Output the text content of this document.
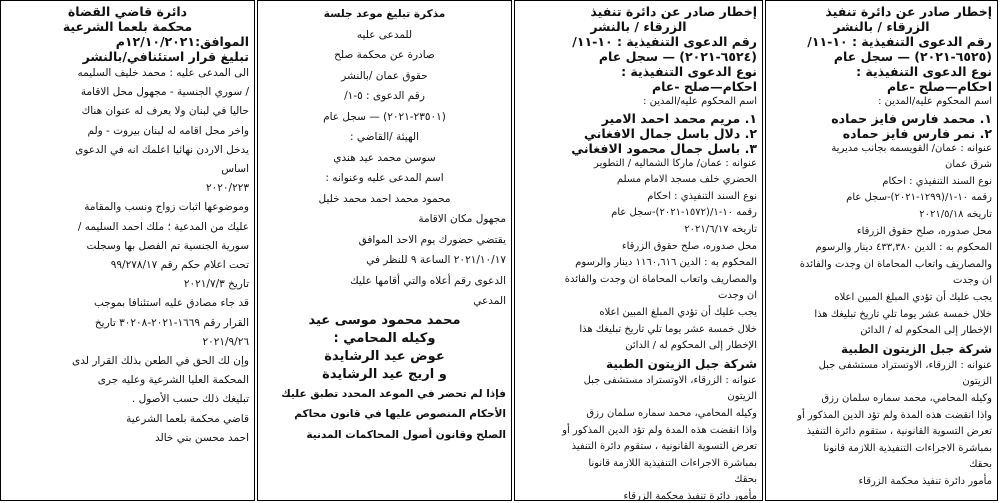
إخطار صادر عن دائرة تنفيذ

الزرقاء / بالنشر

رقم الدعوى التنفيذية : ١٠-١١/

(٦٥٢٥-٢٠٢١) — سجل عام

نوع الدعوى التنفيذية :

احكام—صلح -عام

اسم المحكوم عليه/المدين :

١. محمد فارس فايز حماده

٢. نمر فارس فايز حماده

عنوانه : عمان/ القويسمه بجانب مديرية

شرق عمان

نوع السند التنفيذي : احكام

رقمه ١٠-١/(١٢٩٩-٢٠٢١)-سجل عام

تاريخه ٢٠٢١/٥/١٨

محل صدوره، صلح حقوق الزرقاء

المحكوم به : الدين ٤٣٣,٣٨٠ دينار والرسوم

والمصاريف واتعاب المحاماة ان وجدت والفائدة

ان وجدت

يجب عليك أن تؤدي المبلغ المبين اعلاه

خلال خمسة عشر يوما تلي تاريخ تبليغك هذا

الإخطار إلى المحكوم له / الدائن

شركة جبل الزيتون الطبية

عنوانه : الزرقاء، الاوتستراد مستشفى جبل

الزيتون

وكيله المحامي، محمد سماره سلمان رزق

واذا انقضت هذه المدة ولم تؤد الدين المذكور أو

تعرض التسوية القانونية ، ستقوم دائرة التنفيذ

بمباشرة الاجراءات التنفيذية اللازمة قانونا

بحقك

مأمور دائرة تنفيذ محكمة الزرقاء

إخطار صادر عن دائرة تنفيذ

الزرقاء / بالنشر

رقم الدعوى التنفيذية : ١٠-١١/

(٦٥٢٤-٢٠٢١) — سجل عام

نوع الدعوى التنفيذية :

احكام—صلح -عام

اسم المحكوم عليه/المدين :

١. مريم محمد احمد الامير

٢. دلال باسل جمال الافغاني

٣. باسل جمال محمود الافغاني

عنوانه : عمان/ ماركا الشماليه / التطوير

الحضري خلف مسجد الامام مسلم

نوع السند التنفيذي : احكام

رقمه ١٠-١/(١٥٧٢-٢٠٢١)-سجل عام

تاريخه ٢٠٢١/٦/١٧

محل صدوره، صلح حقوق الزرقاء

المحكوم به : الدين ١١٦٠,٦١٦ دينار والرسوم

والمصاريف واتعاب المحاماة ان وجدت والفائدة

ان وجدت

يجب عليك أن تؤدي المبلغ المبين اعلاه

خلال خمسة عشر يوما تلي تاريخ تبليغك هذا

الإخطار إلى المحكوم له / الدائن

شركة جبل الزيتون الطبية

عنوانه : الزرقاء، الاوتستراد مستشفى جبل

الزيتون

وكيله المحامي، محمد سماره سلمان رزق

واذا انقضت هذه المدة ولم تؤد الدين المذكور أو

تعرض التسوية القانونية ، ستقوم دائرة التنفيذ

بمباشرة الاجراءات التنفيذية اللازمة قانونا

بحقك

مأمور دائرة تنفيذ محكمة الزرقاء

مذكرة تبليغ موعد جلسة

للمدعى عليه

صادرة عن محكمة صلح

حقوق عمان /بالنشر

رقم الدعوى : ٥-١/

(٢٣٥٠١-٢٠٢١) — سجل عام

الهيئة /القاضي :

سوسن محمد عيد هندي

اسم المدعى عليه وعنوانه :

محمود محمد احمد محمد خليل

مجهول مكان الاقامة

يقتضي حضورك يوم الاحد الموافق

٢٠٢١/١٠/١٧ الساعة ٩ للنظر في

الدعوى رقم أعلاه والتي أقامها عليك

المدعي

محمد محمود موسى عيد

وكيله المحامي :

عوض عيد الرشايدة

و اريج عيد الرشايدة

فإذا لم تحضر في الموعد المحدد تطبق عليك

الأحكام المنصوص عليها في قانون محاكم

الصلح وقانون أصول المحاكمات المدنية

دائرة قاضي القضاة

محكمة بلعما الشرعية

الموافق:١٢/١٠/٢٠٢١م

تبليغ قرار استئنافي/بالنشر

الى المدعى عليه : محمد خليف السليمه

/ سوري الجنسية - مجهول محل الاقامة

حاليا في لبنان ولا يعرف له عنوان هناك

واخر محل اقامه له لبنان بيروت - ولم

يدخل الاردن نهائيا اعلمك انه في الدعوى

اساس

٢٠٢٠/٢٢٣

وموضوعها اثبات زواج ونسب والمقامة

عليك من المدعية ؛ ملك احمد السليمه /

سورية الجنسية تم الفصل بها وسجلت

تحت اعلام حكم رقم ٩٩/٢٧٨/١٧

تاريخ ٢٠٢١/٧/٣

قد جاء مصادق عليه استئنافا بموجب

القرار رقم ١٦٦٩-٢٠٢١-٣٠٢٠٨ تاريخ

٢٠٢١/٩/٢٦

وإن لك الحق في الطعن بذلك القرار لدى

المحكمة العليا الشرعية وعليه جرى

تبليغك ذلك حسب الأصول .

قاضي محكمة بلعما الشرعية

احمد محسن بني خالد
